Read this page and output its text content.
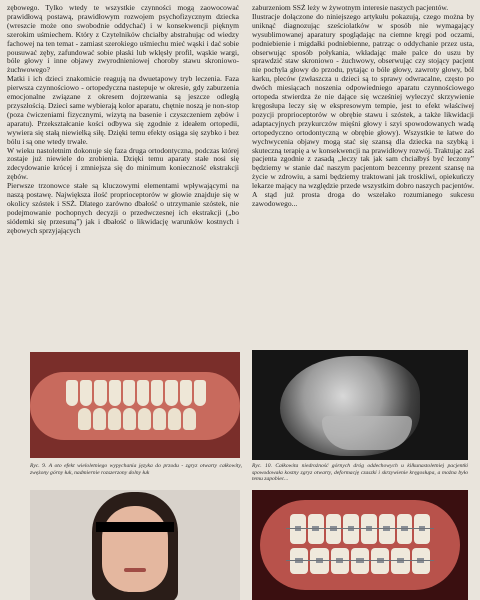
zębowego. Tylko wtedy te wszystkie czynności mogą zaowocować prawidłową postawą, prawidłowym rozwojem psychofizycznym dziecka (wreszcie może ono swobodnie oddychać) i w konsekwencji pięknym szerokim uśmiechem. Który z Czytelników chciałby abstrahując od wiedzy fachowej na ten temat - zamiast szerokiego uśmiechu mieć wąski i dać sobie pousuwać zęby, zafundować sobie płaski lub wklęsły profil, wąskie wargi, bóle głowy i inne objawy zwyrodnieniowej choroby stawu skroniowo-żuchwowego?

Matki i ich dzieci znakomicie reagują na dwuetapowy tryb leczenia. Faza pierwsza czynnościowo - ortopedyczna nastepuje w okresie, gdy zaburzenia emocjonalne związane z okresem dojrzewania są jeszcze odległą przyszłością. Dzieci same wybierają kolor aparatu, chętnie noszą je non-stop (poza ćwiczeniami fizycznymi, wizytą na basenie i czyszczeniem zębów i aparatu). Przekształcanie kości odbywa się zgodnie z ideałem ortopedii, wywiera się stałą niewielką siłę. Dzięki temu efekty osiąga się szybko i bez bólu i są one wtedy trwałe.

W wieku nastoletnim dokonuje się faza druga ortodontyczna, podczas której zostaje już niewiele do zrobienia. Dzięki temu aparaty stałe nosi się zdecydowanie krócej i zmniejsza się do minimum konieczność ekstrakcji zębów.

Pierwsze trzonowce stałe są kluczowymi elementami wpływającymi na naszą postawę. Największa ilość proprioceptorów w głowie znajduje się w okolicy szóstek i SSŻ. Dlatego zarówno dbałość o utrzymanie szóstek, nie podejmowanie pochopnych decyzji o przedwczesnej ich ekstrakcji („bo siódemki się przesuną”) jak i dbałość o likwidację warunków kostnych i zębowych sprzyjających

zaburzeniom SSŻ leży w żywotnym interesie naszych pacjentów.

Ilustracje dołączone do niniejszego artykułu pokazują, czego można by uniknąć diagnozując sześciolatków w sposób nie wymagający wysublimowanej aparatury spoglądając na ciemne kręgi pod oczami, podniebienie i migdałki podniebienne, patrząc o oddychanie przez usta, obserwując sposób połykania, wkładając małe palce do uszu by sprawdzić staw skroniowo - żuchwowy, obserwując czy stojący pacjent nie pochyla głowy do przodu, pytając o bóle głowy, zawroty głowy, ból karku, pleców (zwłaszcza u dzieci są to sprawy odwracalne, często po dwóch miesiącach noszenia odpowiedniego aparatu czynnościowego ortopeda stwierdza że nie dające się wcześniej wyleczyć skrzywienie kręgosłupa leczy się w ekspresowym tempie, jest to efekt właściwej pozycji proprioceptorów w obrębie stawu i szóstek, a także likwidacji adaptacyjnych przykurczów mięśni głowy i szyi spowodowanych wadą ortopedyczno ortodontyczną w obrębie głowy). Wszystkie te łatwe do wychwycenia objawy mogą stać się szansą dla dziecka na szybką i skuteczną terapię a w konsekwencji na prawidłowy rozwój. Traktując zaś pacjenta zgodnie z zasadą „leczy tak jak sam chciałbyś być leczony” będziemy w stanie dać naszym pacjentom bezcenny prezent szansę na życie w zdrowiu, a sami będziemy traktowani jak troskliwi, opiekuńczy lekarze mający na względzie przede wszystkim dobro naszych pacjentów. A stąd już prosta droga do wszelako rozumianego sukcesu zawodowego...

Ryc. 9. A oto efekt wieloletniego wypychania języka do przodu - zgryz otwarty całkowity, zwężony górny łuk, nadmiernie rozszerzony dolny łuk
Ryc. 10. Całkowita niedrożność górnych dróg oddechowych u kilkunastoletniej pacjentki spowodowała kostny zgryz otwarty, deformację czaszki i skrzywienie kręgosłupa, a można było temu zapobiec...
